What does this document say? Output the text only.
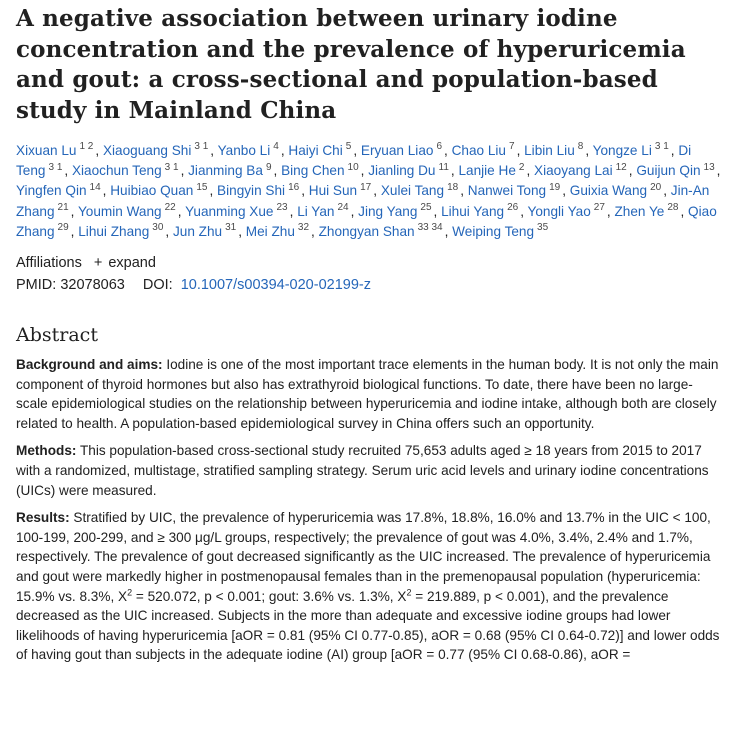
A negative association between urinary iodine concentration and the prevalence of hyperuricemia and gout: a cross-sectional and population-based study in Mainland China
Xixuan Lu $^{1 2}$ , Xiaoguang Shi $^{3 1}$ , Yanbo Li $^4$ , Haiyi Chi $^5$ , Eryuan Liao $^6$ , Chao Liu $^7$ , Libin Liu $^8$ , Yongze Li $^{3 1}$ , Di Teng $^{3 1}$ , Xiaochun Teng $^{3 1}$ , Jianming Ba $^9$ , Bing Chen $^{10}$ , Jianling Du $^{11}$ , Lanjie He $^2$ , Xiaoyang Lai $^{12}$ , Guijun Qin $^{13}$ , Yingfen Qin $^{14}$ , Huibiao Quan $^{15}$ , Bingyin Shi $^{16}$ , Hui Sun $^{17}$ , Xulei Tang $^{18}$ , Nanwei Tong $^{19}$ , Guixia Wang $^{20}$ , Jin-An Zhang $^{21}$ , Youmin Wang $^{22}$ , Yuanming Xue $^{23}$ , Li Yan $^{24}$ , Jing Yang $^{25}$ , Lihui Yang $^{26}$ , Yongli Yao $^{27}$ , Zhen Ye $^{28}$ , Qiao Zhang $^{29}$ , Lihui Zhang $^{30}$ , Jun Zhu $^{31}$ , Mei Zhu $^{32}$ , Zhongyan Shan $^{33 34}$ , Weiping Teng $^{35}$
Affiliations + expand
PMID: 32078063 DOI: 10.1007/s00394-020-02199-z
Abstract

Background and aims: Iodine is one of the most important trace elements in the human body. It is not only the main component of thyroid hormones but also has extrathyroid biological functions. To date, there have been no large-scale epidemiological studies on the relationship between hyperuricemia and iodine intake, although both are closely related to health. A population-based epidemiological survey in China offers such an opportunity.

Methods: This population-based cross-sectional study recruited 75,653 adults aged ≥ 18 years from 2015 to 2017 with a randomized, multistage, stratified sampling strategy. Serum uric acid levels and urinary iodine concentrations (UICs) were measured.

Results: Stratified by UIC, the prevalence of hyperuricemia was 17.8%, 18.8%, 16.0% and 13.7% in the UIC < 100, 100-199, 200-299, and ≥ 300 μg/L groups, respectively; the prevalence of gout was 4.0%, 3.4%, 2.4% and 1.7%, respectively. The prevalence of gout decreased significantly as the UIC increased. The prevalence of hyperuricemia and gout were markedly higher in postmenopausal females than in the premenopausal population (hyperuricemia: 15.9% vs. 8.3%, $X^2 = 520.072$, p < 0.001; gout: 3.6% vs. 1.3%, $X^2 = 219.889$, p < 0.001), and the prevalence decreased as the UIC increased. Subjects in the more than adequate and excessive iodine groups had lower likelihoods of having hyperuricemia [aOR = 0.81 (95% CI 0.77-0.85), aOR = 0.68 (95% CI 0.64-0.72)] and lower odds of having gout than subjects in the adequate iodine (AI) group [aOR = 0.77 (95% CI 0.68-0.86), aOR =
